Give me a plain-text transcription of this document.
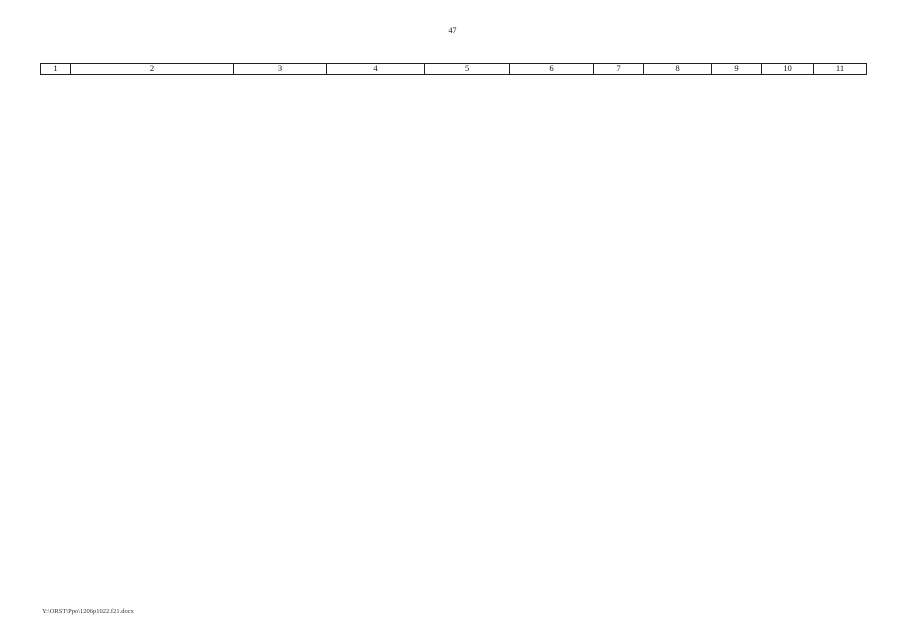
47
1	2	3	4	5	6	7	8	9	10	11
Y:\ORST\Ppo\1206p1022.f21.docx
